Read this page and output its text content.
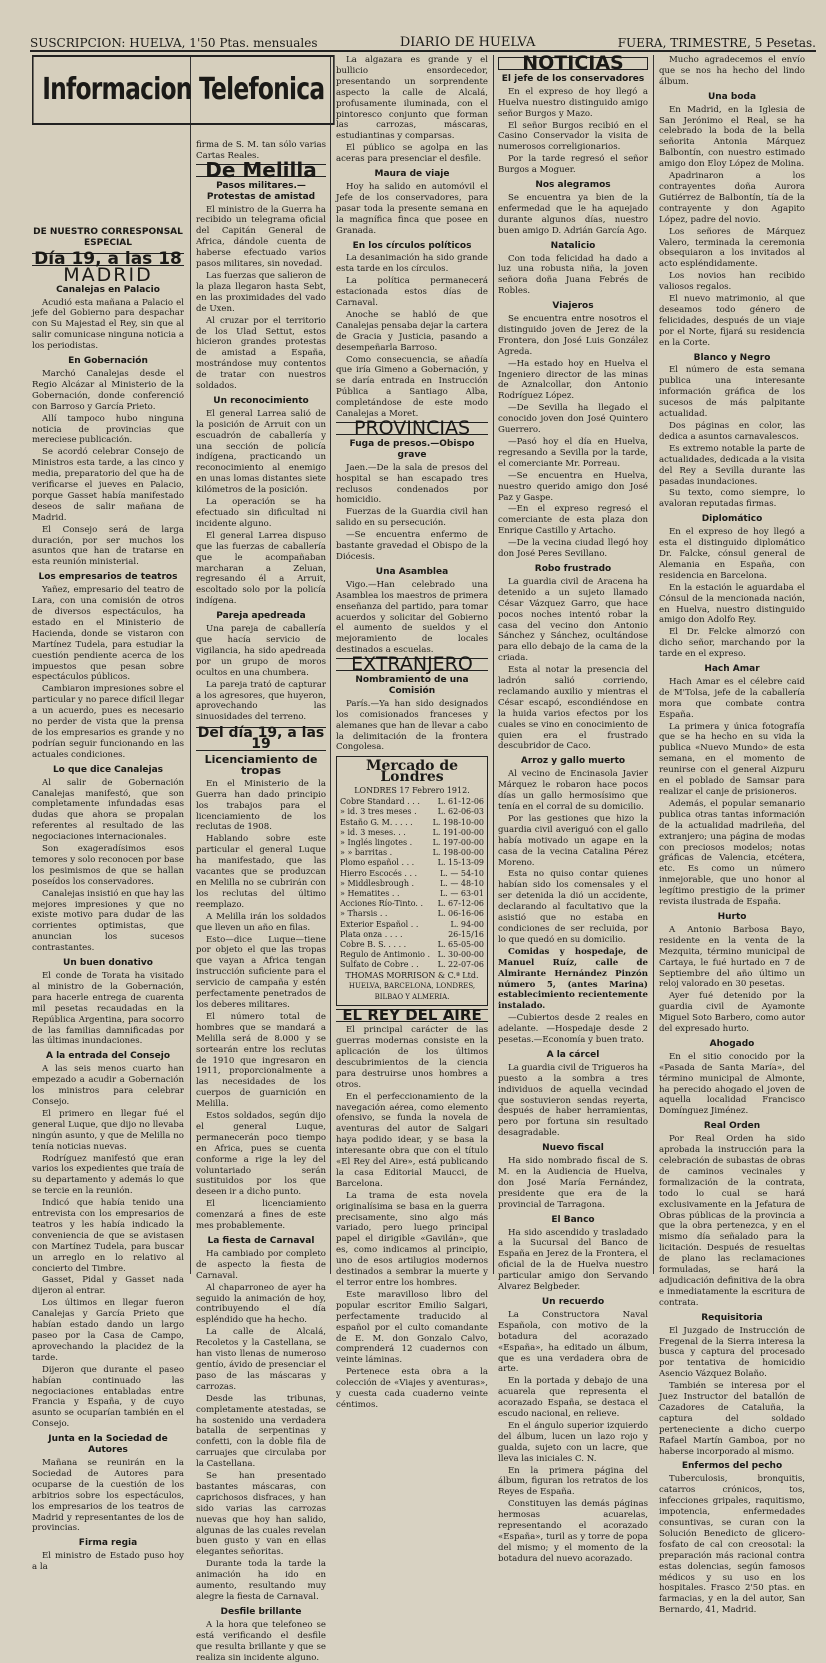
SUSCRIPCION: HUELVA, 1'50 Ptas. mensuales	DIARIO DE HUELVA	FUERA, TRIMESTRE, 5 Pesetas.
Informacion Telefonica
DE NUESTRO CORRESPONSAL ESPECIAL
Día 19, a las 18
MADRID
Canalejas en Palacio

Acudió esta mañana a Palacio el jefe del Gobierno para despachar con Su Majestad el Rey, sin que al salir comunicase ninguna noticia a los periodistas.

En Gobernación

Marchó Canalejas desde el Regio Alcázar al Ministerio de la Gobernación, donde conferenció con Barroso y García Prieto.

Allí tampoco hubo ninguna noticia de provincias que mereciese publicación.

Se acordó celebrar Consejo de Ministros esta tarde, a las cinco y media, preparatorio del que ha de verificarse el jueves en Palacio, porque Gasset había manifestado deseos de salir mañana de Madrid.

El Consejo será de larga duración, por ser muchos los asuntos que han de tratarse en esta reunión ministerial.

Los empresarios de teatros

Yañez, empresario del teatro de Lara, con una comisión de otros de diversos espectáculos, ha estado en el Ministerio de Hacienda, donde se vistaron con Martínez Tudela, para estudiar la cuestión pendiente acerca de los impuestos que pesan sobre espectáculos públicos.

Cambiaron impresiones sobre el particular y no parece difícil llegar a un acuerdo, pues es necesario no perder de vista que la prensa de los empresarios es grande y no podrían seguir funcionando en las actuales condiciones.

Lo que dice Canalejas

Al salir de Gobernación Canalejas manifestó, que son completamente infundadas esas dudas que ahora se propalan referentes al resultado de las negociaciones internacionales.

Son exageradísimos esos temores y solo reconocen por base los pesimismos de que se hallan poseídos los conservadores.

Canalejas insistió en que hay las mejores impresiones y que no existe motivo para dudar de las corrientes optimistas, que anuncian los sucesos contrastantes.

Un buen donativo

El conde de Torata ha visitado al ministro de la Gobernación, para hacerle entrega de cuarenta mil pesetas recaudadas en la República Argentina, para socorro de las familias damnificadas por las últimas inundaciones.

A la entrada del Consejo

A las seis menos cuarto han empezado a acudir a Gobernación los ministros para celebrar Consejo.

El primero en llegar fué el general Luque, que dijo no llevaba ningún asunto, y que de Melilla no tenía noticias nuevas.

Rodríguez manifestó que eran varios los expedientes que traía de su departamento y además lo que se tercie en la reunión.

Indicó que había tenido una entrevista con los empresarios de teatros y les había indicado la conveniencia de que se avistasen con Martínez Tudela, para buscar un arreglo en lo relativo al concierto del Timbre.

Gasset, Pidal y Gasset nada dijeron al entrar.

Los últimos en llegar fueron Canalejas y García Prieto que habían estado dando un largo paseo por la Casa de Campo, aprovechando la placidez de la tarde.

Dijeron que durante el paseo habían continuado las negociaciones entabladas entre Francia y España, y de cuyo asunto se ocuparían también en el Consejo.

Junta en la Sociedad de Autores

Mañana se reunirán en la Sociedad de Autores para ocuparse de la cuestión de los arbitrios sobre los espectáculos, los empresarios de los teatros de Madrid y representantes de los de provincias.

Firma regia

El ministro de Estado puso hoy a la

firma de S. M. tan sólo varias Cartas Reales.

De Melilla
Pasos militares.—Protestas de amistad

El ministro de la Guerra ha recibido un telegrama oficial del Capitán General de Africa, dándole cuenta de haberse efectuado varios pasos militares, sin novedad.

Las fuerzas que salieron de la plaza llegaron hasta Sebt, en las proximidades del vado de Uxen.

Al cruzar por el territorio de los Ulad Settut, estos hicieron grandes protestas de amistad a España, mostrándose muy contentos de tratar con nuestros soldados.

Un reconocimiento

El general Larrea salió de la posición de Arruit con un escuadrón de caballería y una sección de policía indígena, practicando un reconocimiento al enemigo en unas lomas distantes siete kilómetros de la posición.

La operación se ha efectuado sin dificultad ni incidente alguno.

El general Larrea dispuso que las fuerzas de caballería que le acompañaban marcharan a Zeluan, regresando él a Arruit, escoltado solo por la policía indígena.

Pareja apedreada

Una pareja de caballería que hacía servicio de vigilancia, ha sido apedreada por un grupo de moros ocultos en una chumbera.

La pareja trató de capturar a los agresores, que huyeron, aprovechando las sinuosidades del terreno.

Del día 19, a las 19
Licenciamiento de tropas

En el Ministerio de la Guerra han dado principio los trabajos para el licenciamiento de los reclutas de 1908.

Hablando sobre este particular el general Luque ha manifestado, que las vacantes que se produzcan en Melilla no se cubrirán con los reclutas del último reemplazo.

A Melilla irán los soldados que lleven un año en filas.

Esto—dice Luque—tiene por objeto el que las tropas que vayan a Africa tengan instrucción suficiente para el servicio de campaña y estén perfectamente penetrados de los deberes militares.

El número total de hombres que se mandará a Melilla será de 8.000 y se sortearán entre los reclutas de 1910 que ingresaron en 1911, proporcionalmente a las necesidades de los cuerpos de guarnición en Melilla.

Estos soldados, según dijo el general Luque, permanecerán poco tiempo en Africa, pues se cuenta conforme a rige la ley del voluntariado serán sustituidos por los que deseen ir a dicho punto.

El licenciamiento comenzará a fines de este mes probablemente.

La fiesta de Carnaval

Ha cambiado por completo de aspecto la fiesta de Carnaval.

Al chaparroneo de ayer ha seguido la animación de hoy, contribuyendo el día espléndido que ha hecho.

La calle de Alcalá, Recoletos y la Castellana, se han visto llenas de numeroso gentío, ávido de presenciar el paso de las máscaras y carrozas.

Desde las tribunas, completamente atestadas, se ha sostenido una verdadera batalla de serpentinas y confetti, con la doble fila de carruajes que circulaba por la Castellana.

Se han presentado bastantes máscaras, con caprichosos disfraces, y han sido varias las carrozas nuevas que hoy han salido, algunas de las cuales revelan buen gusto y van en ellas elegantes señoritas.

Durante toda la tarde la animación ha ido en aumento, resultando muy alegre la fiesta de Carnaval.

Desfile brillante

A la hora que telefoneo se está verificando el desfile que resulta brillante y que se realiza sin incidente alguno.

La algazara es grande y el bullicio ensordecedor, presentando un sorprendente aspecto la calle de Alcalá, profusamente iluminada, con el pintoresco conjunto que forman las carrozas, máscaras, estudiantinas y comparsas.

El público se agolpa en las aceras para presenciar el desfile.

Maura de viaje

Hoy ha salido en automóvil el Jefe de los conservadores, para pasar toda la presente semana en la magnífica finca que posee en Granada.

En los círculos políticos

La desanimación ha sido grande esta tarde en los círculos.

La política permanecerá estacionada estos días de Carnaval.

Anoche se habló de que Canalejas pensaba dejar la cartera de Gracia y Justicia, pasando a desempeñarla Barroso.

Como consecuencia, se añadía que iría Gimeno a Gobernación, y se daría entrada en Instrucción Pública a Santiago Alba, completándose de este modo Canalejas a Moret.

PROVINCIAS
Fuga de presos.—Obispo grave

Jaen.—De la sala de presos del hospital se han escapado tres reclusos condenados por homicidio.

Fuerzas de la Guardia civil han salido en su persecución.

—Se encuentra enfermo de bastante gravedad el Obispo de la Diócesis.

Una Asamblea

Vigo.—Han celebrado una Asamblea los maestros de primera enseñanza del partido, para tomar acuerdos y solicitar del Gobierno el aumento de sueldos y el mejoramiento de locales destinados a escuelas.

EXTRANJERO
Nombramiento de una Comisión

París.—Ya han sido designados los comisionados franceses y alemanes que han de llevar a cabo la delimitación de la frontera Congolesa.

Mercado de Londres
LONDRES 17 Febrero 1912.
Cobre Standard . . . L. 61-12-06
» id. 3 tres meses .	L. 62-06-03
Estaño G. M. . . . . L. 198-10-00
» id. 3 meses. . .	L. 191-00-00
» Inglés lingotes .	L. 197-00-00
» » barritas .	L. 198-00-00
Plomo español . . .	L. 15-13-09
Hierro Escocés . . .	L. — 54-10
» Middlesbrough .	L. — 48-10
» Hematites . .	L. — 63-01
Acciones Río-Tinto. . L. 67-12-06
» Tharsis . .	L. 06-16-06
Exterior Español . .	L. 94-00
Plata onza . . . .	26-15/16
Cobre B. S. . . . .	L. 65-05-00
Regulo de Antimonio . L. 30-00-00
Sulfato de Cobre . . L. 22-07-06
THOMAS MORRISON & C.ª Ltd.
HUELVA, BARCELONA, LONDRES, BILBAO Y ALMERIA.
EL REY DEL AIRE

El principal carácter de las guerras modernas consiste en la aplicación de los últimos descubrimientos de la ciencia para destruirse unos hombres a otros.

En el perfeccionamiento de la navegación aérea, como elemento ofensivo, se funda la novela de aventuras del autor de Salgari haya podido idear, y se basa la interesante obra que con el título «El Rey del Aire», está publicando la casa Editorial Maucci, de Barcelona.

La trama de esta novela originalísima se basa en la guerra precisamente, sino algo más variado, pero luego principal papel el dirigible «Gavilán», que es, como indicamos al principio, uno de esos artilugios modernos destinados a sembrar la muerte y el terror entre los hombres.

Este maravilloso libro del popular escritor Emilio Salgari, perfectamente traducido al español por el culto comandante de E. M. don Gonzalo Calvo, comprenderá 12 cuadernos con veinte láminas.

Pertenece esta obra a la colección de «Viajes y aventuras», y cuesta cada cuaderno veinte céntimos.

NOTICIAS
El jefe de los conservadores

En el expreso de hoy llegó a Huelva nuestro distinguido amigo señor Burgos y Mazo.

El señor Burgos recibió en el Casino Conservador la visita de numerosos correligionarios.

Por la tarde regresó el señor Burgos a Moguer.

Nos alegramos

Se encuentra ya bien de la enfermedad que le ha aquejado durante algunos días, nuestro buen amigo D. Adrián García Ago.

Natalicio

Con toda felicidad ha dado a luz una robusta niña, la joven señora doña Juana Febrés de Robles.

Viajeros

Se encuentra entre nosotros el distinguido joven de Jerez de la Frontera, don José Luis González Agreda.

—Ha estado hoy en Huelva el Ingeniero director de las minas de Aznalcollar, don Antonio Rodríguez López.

—De Sevilla ha llegado el conocido joven don José Quintero Guerrero.

—Pasó hoy el día en Huelva, regresando a Sevilla por la tarde, el comerciante Mr. Porreau.

—Se encuentra en Huelva, nuestro querido amigo don José Paz y Gaspe.

—En el expreso regresó el comerciante de esta plaza don Enrique Castillo y Artacho.

—De la vecina ciudad llegó hoy don José Peres Sevillano.

Robo frustrado

La guardia civil de Aracena ha detenido a un sujeto llamado César Vázquez Garro, que hace pocos noches intentó robar la casa del vecino don Antonio Sánchez y Sánchez, ocultándose para ello debajo de la cama de la criada.

Esta al notar la presencia del ladrón salió corriendo, reclamando auxilio y mientras el César escapó, escondiéndose en la huida varios efectos por los cuales se vino en conocimiento de quien era el frustrado descubridor de Caco.

Arroz y gallo muerto

Al vecino de Encinasola Javier Márquez le robaron hace pocos días un gallo hermosísimo que tenía en el corral de su domicilio.

Por las gestiones que hizo la guardia civil averiguó con el gallo había motivado un agape en la casa de la vecina Catalina Pérez Moreno.

Esta no quiso contar quienes habían sido los comensales y el ser detenida la dió un accidente, declarando al facultativo que la asistió que no estaba en condiciones de ser recluida, por lo que quedó en su domicilio.

Comidas y hospedaje, de Manuel Ruíz, calle de Almirante Hernández Pinzón número 5, (antes Marina) establecimiento recientemente instalado.

—Cubiertos desde 2 reales en adelante. —Hospedaje desde 2 pesetas.—Economía y buen trato.

A la cárcel

La guardia civil de Trigueros ha puesto a la sombra a tres individuos de aquella vecindad que sostuvieron sendas reyerta, después de haber herramientas, pero por fortuna sin resultado desagradable.

Nuevo fiscal

Ha sido nombrado fiscal de S. M. en la Audiencia de Huelva, don José María Fernández, presidente que era de la provincial de Tarragona.

El Banco

Ha sido ascendido y trasladado a la Sucursal del Banco de España en Jerez de la Frontera, el oficial de la de Huelva nuestro particular amigo don Servando Alvarez Belgbeder.

Un recuerdo

La Constructora Naval Española, con motivo de la botadura del acorazado «España», ha editado un álbum, que es una verdadera obra de arte.

En la portada y debajo de una acuarela que representa el acorazado España, se destaca el escudo nacional, en relieve.

En el ángulo superior izquierdo del álbum, lucen un lazo rojo y gualda, sujeto con un lacre, que lleva las iniciales C. N.

En la primera página del álbum, figuran los retratos de los Reyes de España.

Constituyen las demás páginas hermosas acuarelas, representando el acorazado «España», turil as y torre de popa del mismo; y el momento de la botadura del nuevo acorazado.

Mucho agradecemos el envío que se nos ha hecho del lindo álbum.

Una boda

En Madrid, en la Iglesia de San Jerónimo el Real, se ha celebrado la boda de la bella señorita Antonia Márquez Balbontín, con nuestro estimado amigo don Eloy López de Molina.

Apadrinaron a los contrayentes doña Aurora Gutiérrez de Balbontín, tía de la contrayente y don Agapito López, padre del novio.

Los señores de Márquez Valero, terminada la ceremonia obsequiaron a los invitados al acto espléndidamente.

Los novios han recibido valiosos regalos.

El nuevo matrimonio, al que deseamos todo género de felicidades, después de un viaje por el Norte, fijará su residencia en la Corte.

Blanco y Negro

El número de esta semana publica una interesante información gráfica de los sucesos de más palpitante actualidad.

Dos páginas en color, las dedica a asuntos carnavalescos.

Es extremo notable la parte de actualidades, dedicada a la visita del Rey a Sevilla durante las pasadas inundaciones.

Su texto, como siempre, lo avaloran reputadas firmas.

Diplomático

En el expreso de hoy llegó a esta el distinguido diplomático Dr. Falcke, cónsul general de Alemania en España, con residencia en Barcelona.

En la estación le aguardaba el Cónsul de la mencionada nación, en Huelva, nuestro distinguido amigo don Adolfo Rey.

El Dr. Felcke almorzó con dicho señor, marchando por la tarde en el expreso.

Hach Amar

Hach Amar es el célebre caid de M'Tolsa, jefe de la caballería mora que combate contra España.

La primera y única fotografía que se ha hecho en su vida la publica «Nuevo Mundo» de esta semana, en el momento de reunirse con el general Aizpuru en el poblado de Samsar para realizar el canje de prisioneros.

Además, el popular semanario publica otras tantas información de la actualidad madrileña, del extranjero; una página de modas con preciosos modelos; notas gráficas de Valencia, etcétera, etc. Es como un número inmejorable, que uno honor al legítimo prestigio de la primer revista ilustrada de España.

Hurto

A Antonio Barbosa Bayo, residente en la venta de la Mezquita, término municipal de Cartaya, le fué hurtado en 7 de Septiembre del año último un reloj valorado en 30 pesetas.

Ayer fué detenido por la guardia civil de Ayamonte Miguel Soto Barbero, como autor del expresado hurto.

Ahogado

En el sitio conocido por la «Pasada de Santa María», del término municipal de Almonte, ha perecido ahogado el joven de aquella localidad Francisco Domínguez Jiménez.

Real Orden

Por Real Orden ha sido aprobada la instrucción para la celebración de subastas de obras de caminos vecinales y formalización de la contrata, todo lo cual se hará exclusivamente en la Jefatura de Obras públicas de la provincia a que la obra pertenezca, y en el mismo día señalado para la licitación. Después de resueltas de plano las reclamaciones formuladas, se hará la adjudicación definitiva de la obra e inmediatamente la escritura de contrata.

Requisitoria

El Juzgado de Instrucción de Fregenal de la Sierra interesa la busca y captura del procesado por tentativa de homicidio Asencio Vázquez Bolaño.

También se interesa por el Juez Instructor del batallón de Cazadores de Cataluña, la captura del soldado perteneciente a dicho cuerpo Rafael Martín Gamboa, por no haberse incorporado al mismo.

Enfermos del pecho

Tuberculosis, bronquitis, catarros crónicos, tos, infecciones gripales, raquitismo, impotencia, enfermedades consuntivas, se curan con la Solución Benedicto de glicero-fosfato de cal con creosotal: la preparación más racional contra estas dolencias, según famosos médicos y su uso en los hospitales. Frasco 2'50 ptas. en farmacias, y en la del autor, San Bernardo, 41, Madrid.
